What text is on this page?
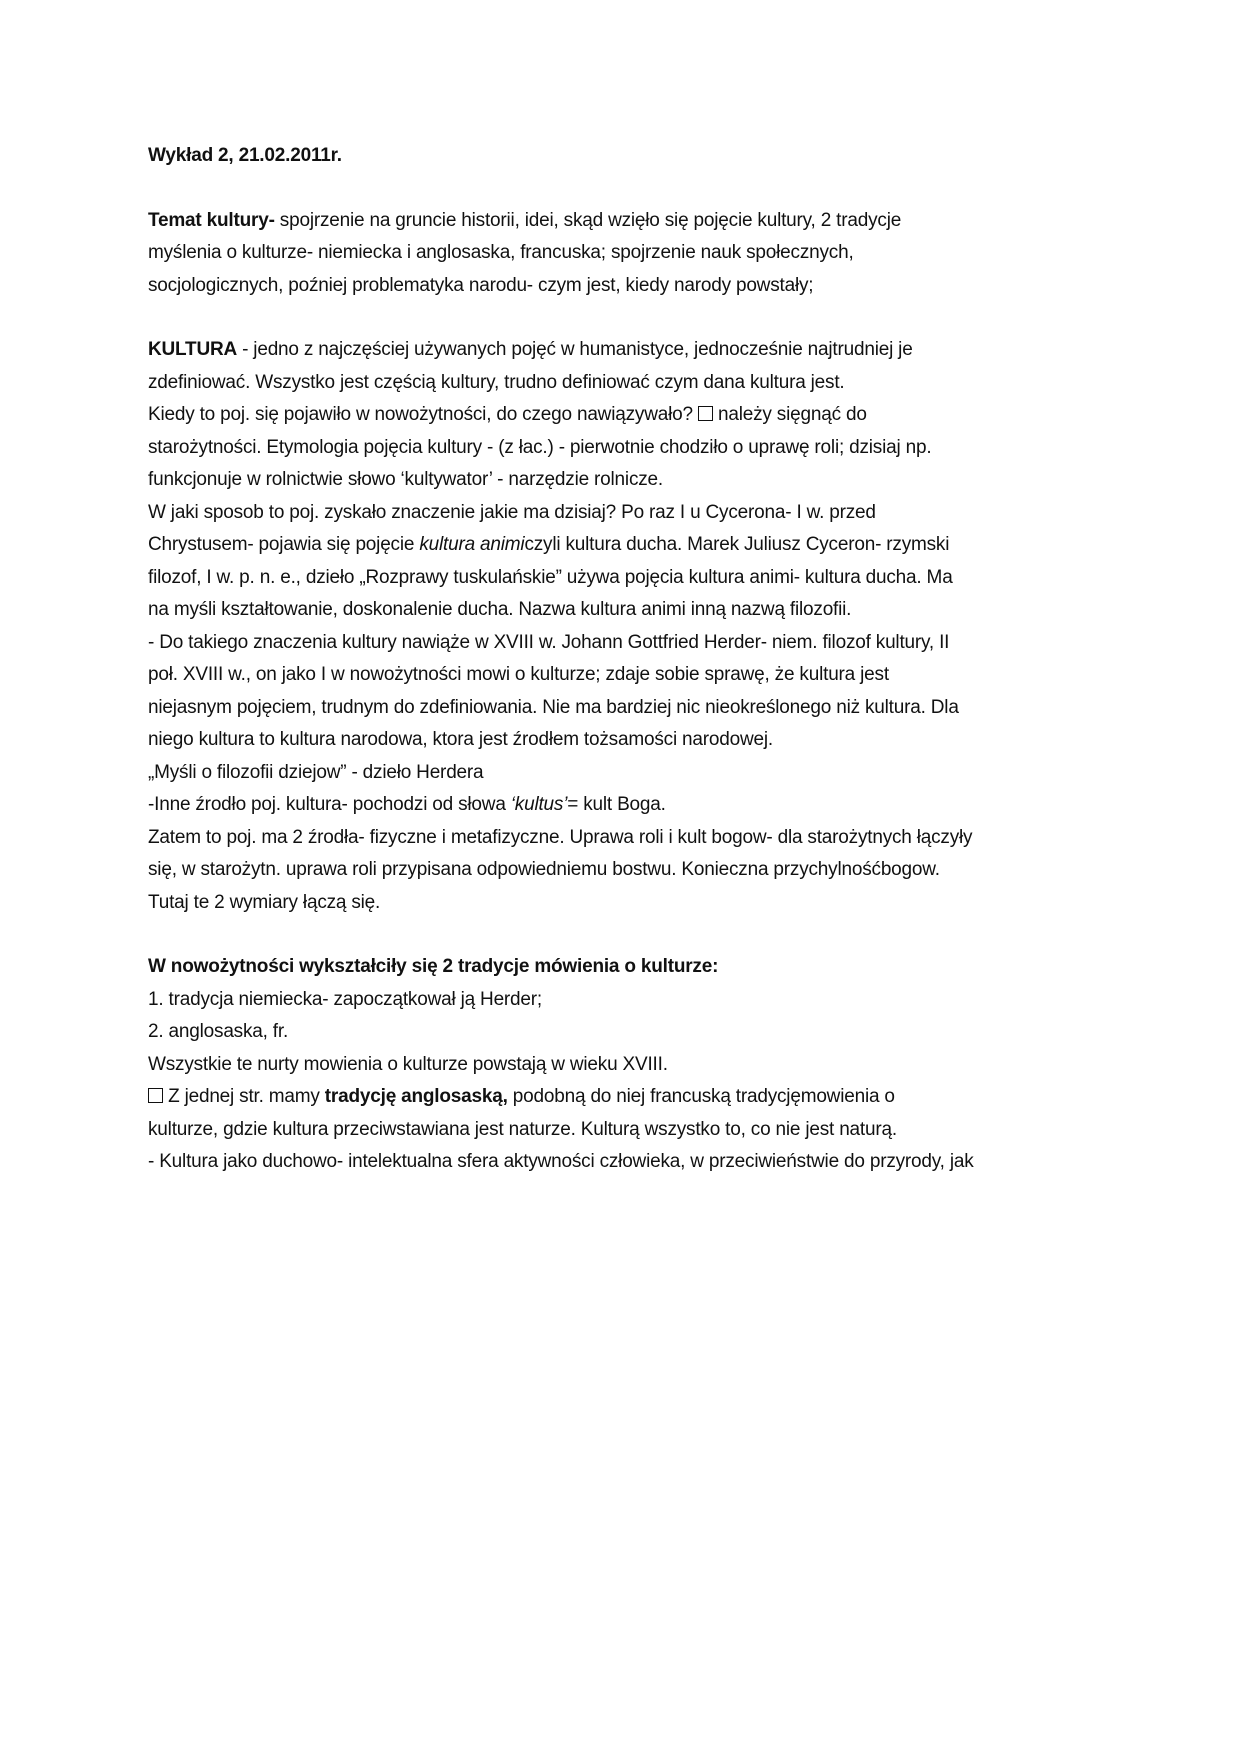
Wykład 2, 21.02.2011r.

Temat kultury- spojrzenie na gruncie historii, idei, skąd wzięło się pojęcie kultury, 2 tradycje
myślenia o kulturze- niemiecka i anglosaska, francuska; spojrzenie nauk społecznych,
socjologicznych, poźniej problematyka narodu- czym jest, kiedy narody powstały;

KULTURA - jedno z najczęściej używanych pojęć w humanistyce, jednocześnie najtrudniej je
zdefiniować. Wszystko jest częścią kultury, trudno definiować czym dana kultura jest.
Kiedy to poj. się pojawiło w nowożytności, do czego nawiązywało?  należy sięgnąć do
starożytności. Etymologia pojęcia kultury - (z łac.) - pierwotnie chodziło o uprawę roli; dzisiaj np.
funkcjonuje w rolnictwie słowo ‘kultywator’ - narzędzie rolnicze.
W jaki sposob to poj. zyskało znaczenie jakie ma dzisiaj? Po raz I u Cycerona- I w. przed
Chrystusem- pojawia się pojęcie kultura animiczyli kultura ducha. Marek Juliusz Cyceron- rzymski
filozof, I w. p. n. e., dzieło „Rozprawy tuskulańskie” używa pojęcia kultura animi- kultura ducha. Ma
na myśli kształtowanie, doskonalenie ducha. Nazwa kultura animi inną nazwą filozofii.
- Do takiego znaczenia kultury nawiąże w XVIII w. Johann Gottfried Herder- niem. filozof kultury, II
poł. XVIII w., on jako I w nowożytności mowi o kulturze; zdaje sobie sprawę, że kultura jest
niejasnym pojęciem, trudnym do zdefiniowania. Nie ma bardziej nic nieokreślonego niż kultura. Dla
niego kultura to kultura narodowa, ktora jest źrodłem tożsamości narodowej.
„Myśli o filozofii dziejow” - dzieło Herdera
-Inne źrodło poj. kultura- pochodzi od słowa ‘kultus’= kult Boga.
Zatem to poj. ma 2 źrodła- fizyczne i metafizyczne. Uprawa roli i kult bogow- dla starożytnych łączyły
się, w starożytn. uprawa roli przypisana odpowiedniemu bostwu. Konieczna przychylnośćbogow.
Tutaj te 2 wymiary łączą się.

W nowożytności wykształciły się 2 tradycje mówienia o kulturze:
1. tradycja niemiecka- zapoczątkował ją Herder;
2. anglosaska, fr.
Wszystkie te nurty mowienia o kulturze powstają w wieku XVIII.
Z jednej str. mamy tradycję anglosaską, podobną do niej francuską tradycjęmowienia o
kulturze, gdzie kultura przeciwstawiana jest naturze. Kulturą wszystko to, co nie jest naturą.
- Kultura jako duchowo- intelektualna sfera aktywności człowieka, w przeciwieństwie do przyrody, jak
